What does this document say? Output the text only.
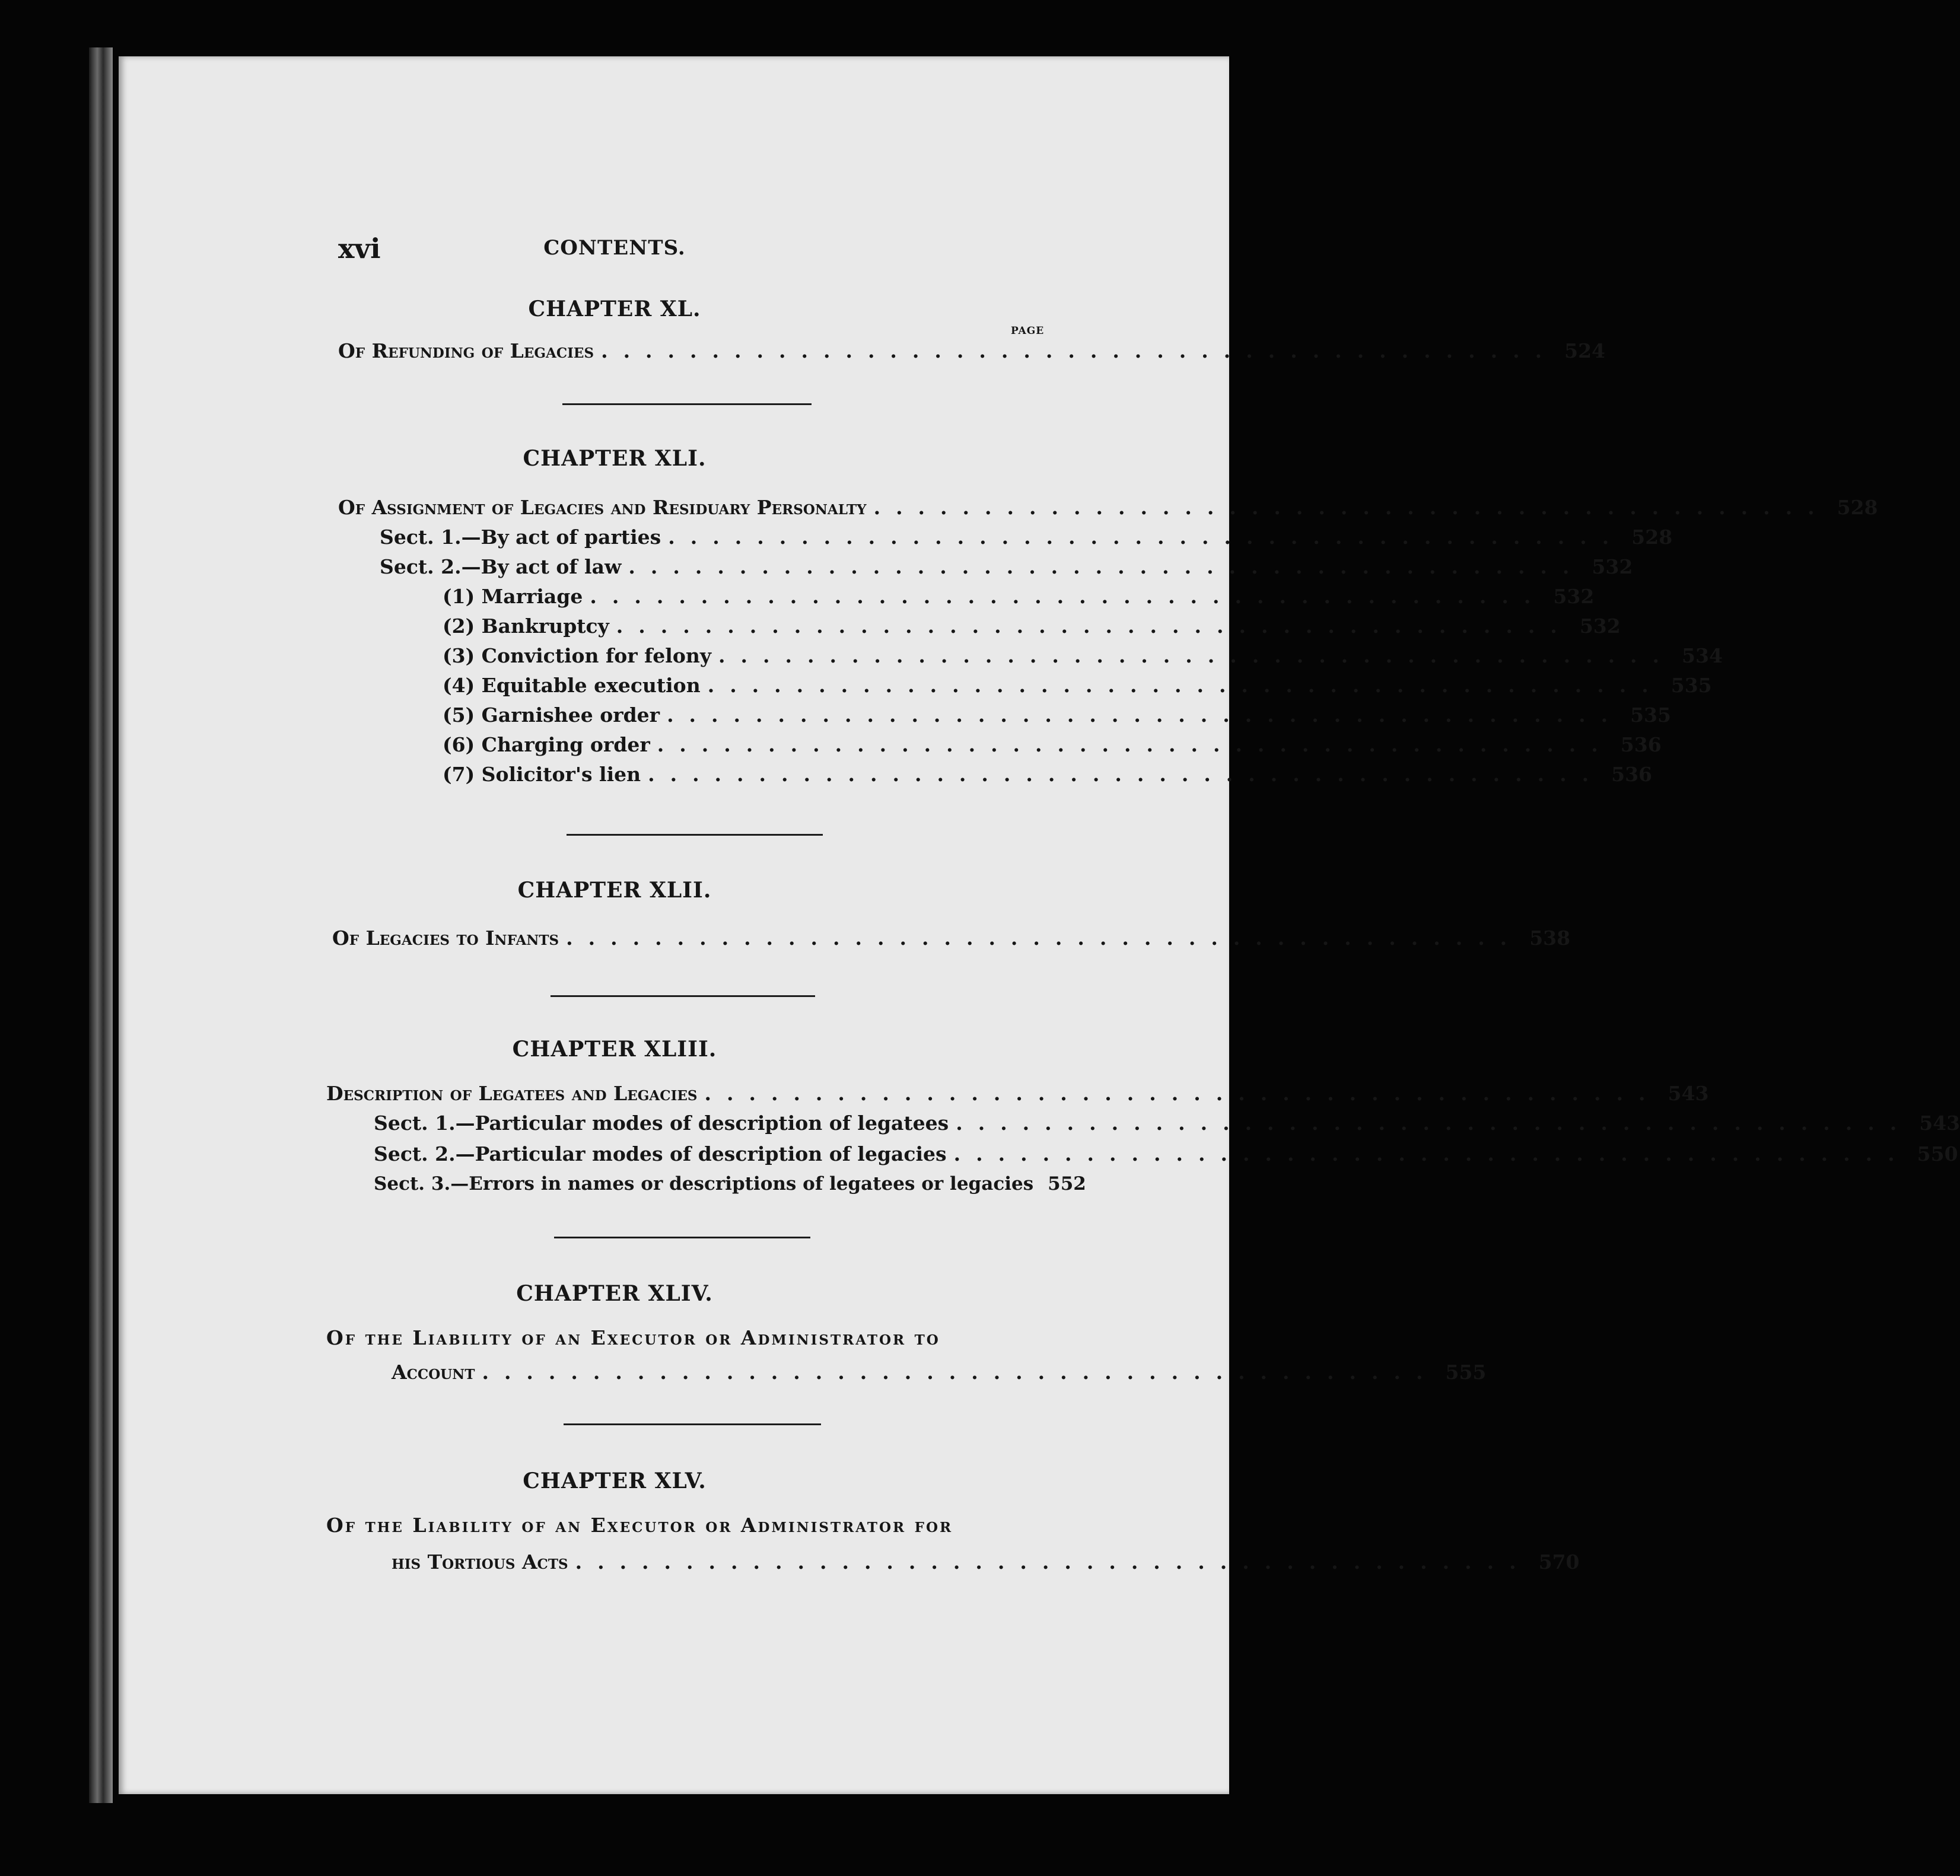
xvi	CONTENTS.
CHAPTER XL.
PAGE
Of Refunding of Legacies ........................................... 524
CHAPTER XLI.
Of Assignment of Legacies and Residuary Personalty ........................................... 528
Sect. 1.—By act of parties ........................................... 528
Sect. 2.—By act of law ........................................... 532
(1) Marriage ........................................... 532
(2) Bankruptcy ........................................... 532
(3) Conviction for felony ........................................... 534
(4) Equitable execution ........................................... 535
(5) Garnishee order ........................................... 535
(6) Charging order ........................................... 536
(7) Solicitor's lien ........................................... 536
CHAPTER XLII.
Of Legacies to Infants ........................................... 538
CHAPTER XLIII.
Description of Legatees and Legacies ........................................... 543
Sect. 1.—Particular modes of description of legatees ........................................... 543
Sect. 2.—Particular modes of description of legacies ........................................... 550
Sect. 3.—Errors in names or descriptions of legatees or legacies 552
CHAPTER XLIV.
Of the Liability of an Executor or Administrator to
Account ........................................... 555
CHAPTER XLV.
Of the Liability of an Executor or Administrator for
his Tortious Acts ........................................... 570
